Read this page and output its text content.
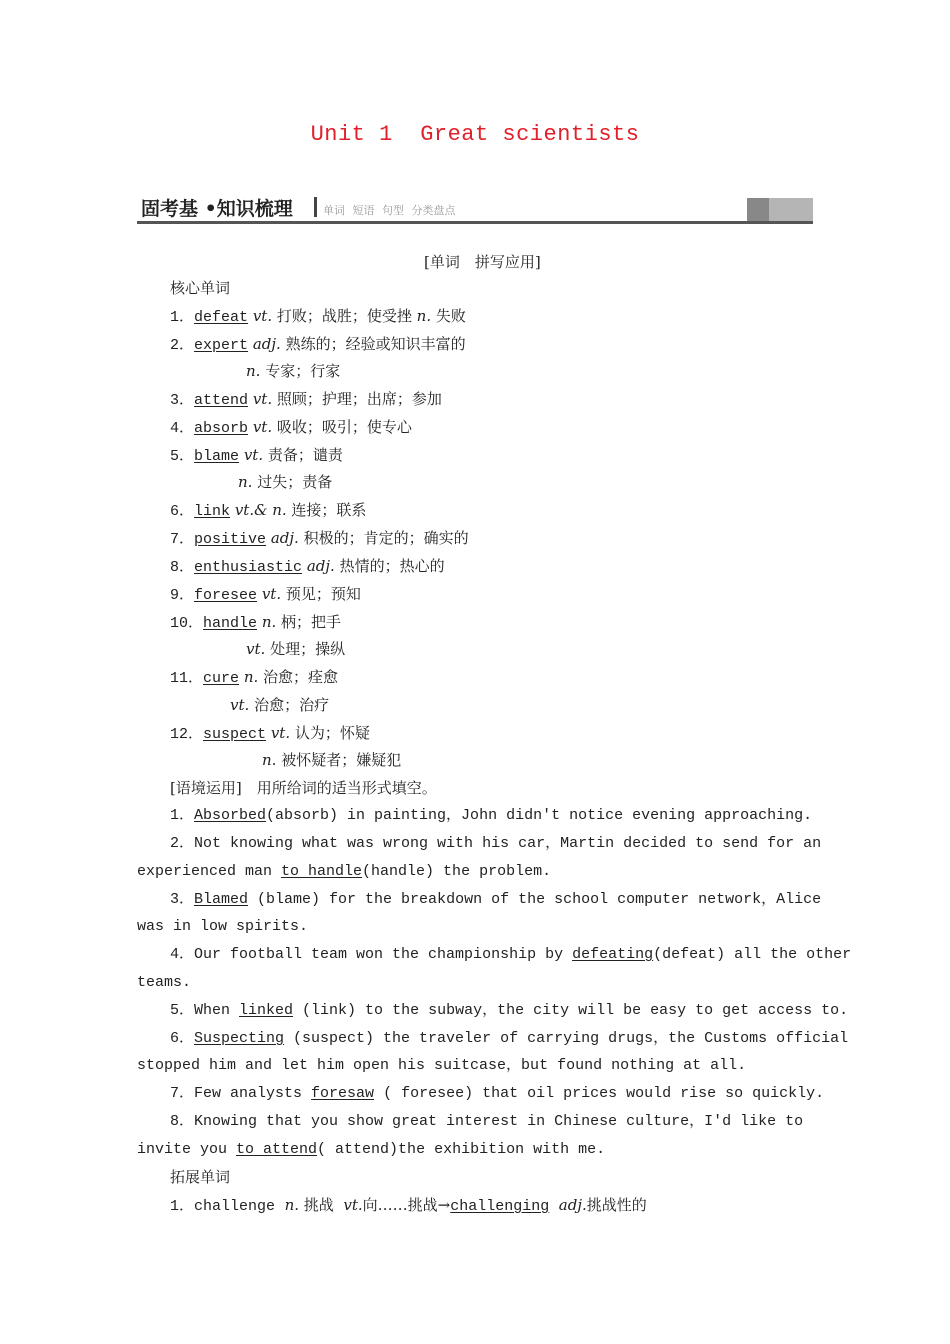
Unit 1 Great scientists
固考基 •知识梳理	单词 短语 句型 分类盘点
[单词　拼写应用]
核心单词
1．defeat vt. 打败；战胜；使受挫 n. 失败
2．expert adj. 熟练的；经验或知识丰富的
n. 专家；行家
3．attend vt. 照顾；护理；出席；参加
4．absorb vt. 吸收；吸引；使专心
5．blame vt. 责备；谴责
n. 过失；责备
6．link vt.& n. 连接；联系
7．positive adj. 积极的；肯定的；确实的
8．enthusiastic adj. 热情的；热心的
9．foresee vt. 预见；预知
10．handle n. 柄；把手
vt. 处理；操纵
11．cure n. 治愈；痊愈
vt. 治愈；治疗
12．suspect vt. 认为；怀疑
n. 被怀疑者；嫌疑犯
[语境运用]　用所给词的适当形式填空。
1．Absorbed(absorb) in painting，John didn't notice evening approaching.
2．Not knowing what was wrong with his car，Martin decided to send for an
experienced man to handle(handle) the problem.
3．Blamed (blame) for the breakdown of the school computer network，Alice
was in low spirits.
4．Our football team won the championship by defeating(defeat) all the other
teams.
5．When linked (link) to the subway，the city will be easy to get access to.
6．Suspecting (suspect) the traveler of carrying drugs，the Customs official
stopped him and let him open his suitcase，but found nothing at all.
7．Few analysts foresaw ( foresee) that oil prices would rise so quickly.
8．Knowing that you show great interest in Chinese culture，I'd like to
invite you to attend( attend)the exhibition with me.
拓展单词
1．challenge n. 挑战 vt.向……挑战→challenging adj.挑战性的
